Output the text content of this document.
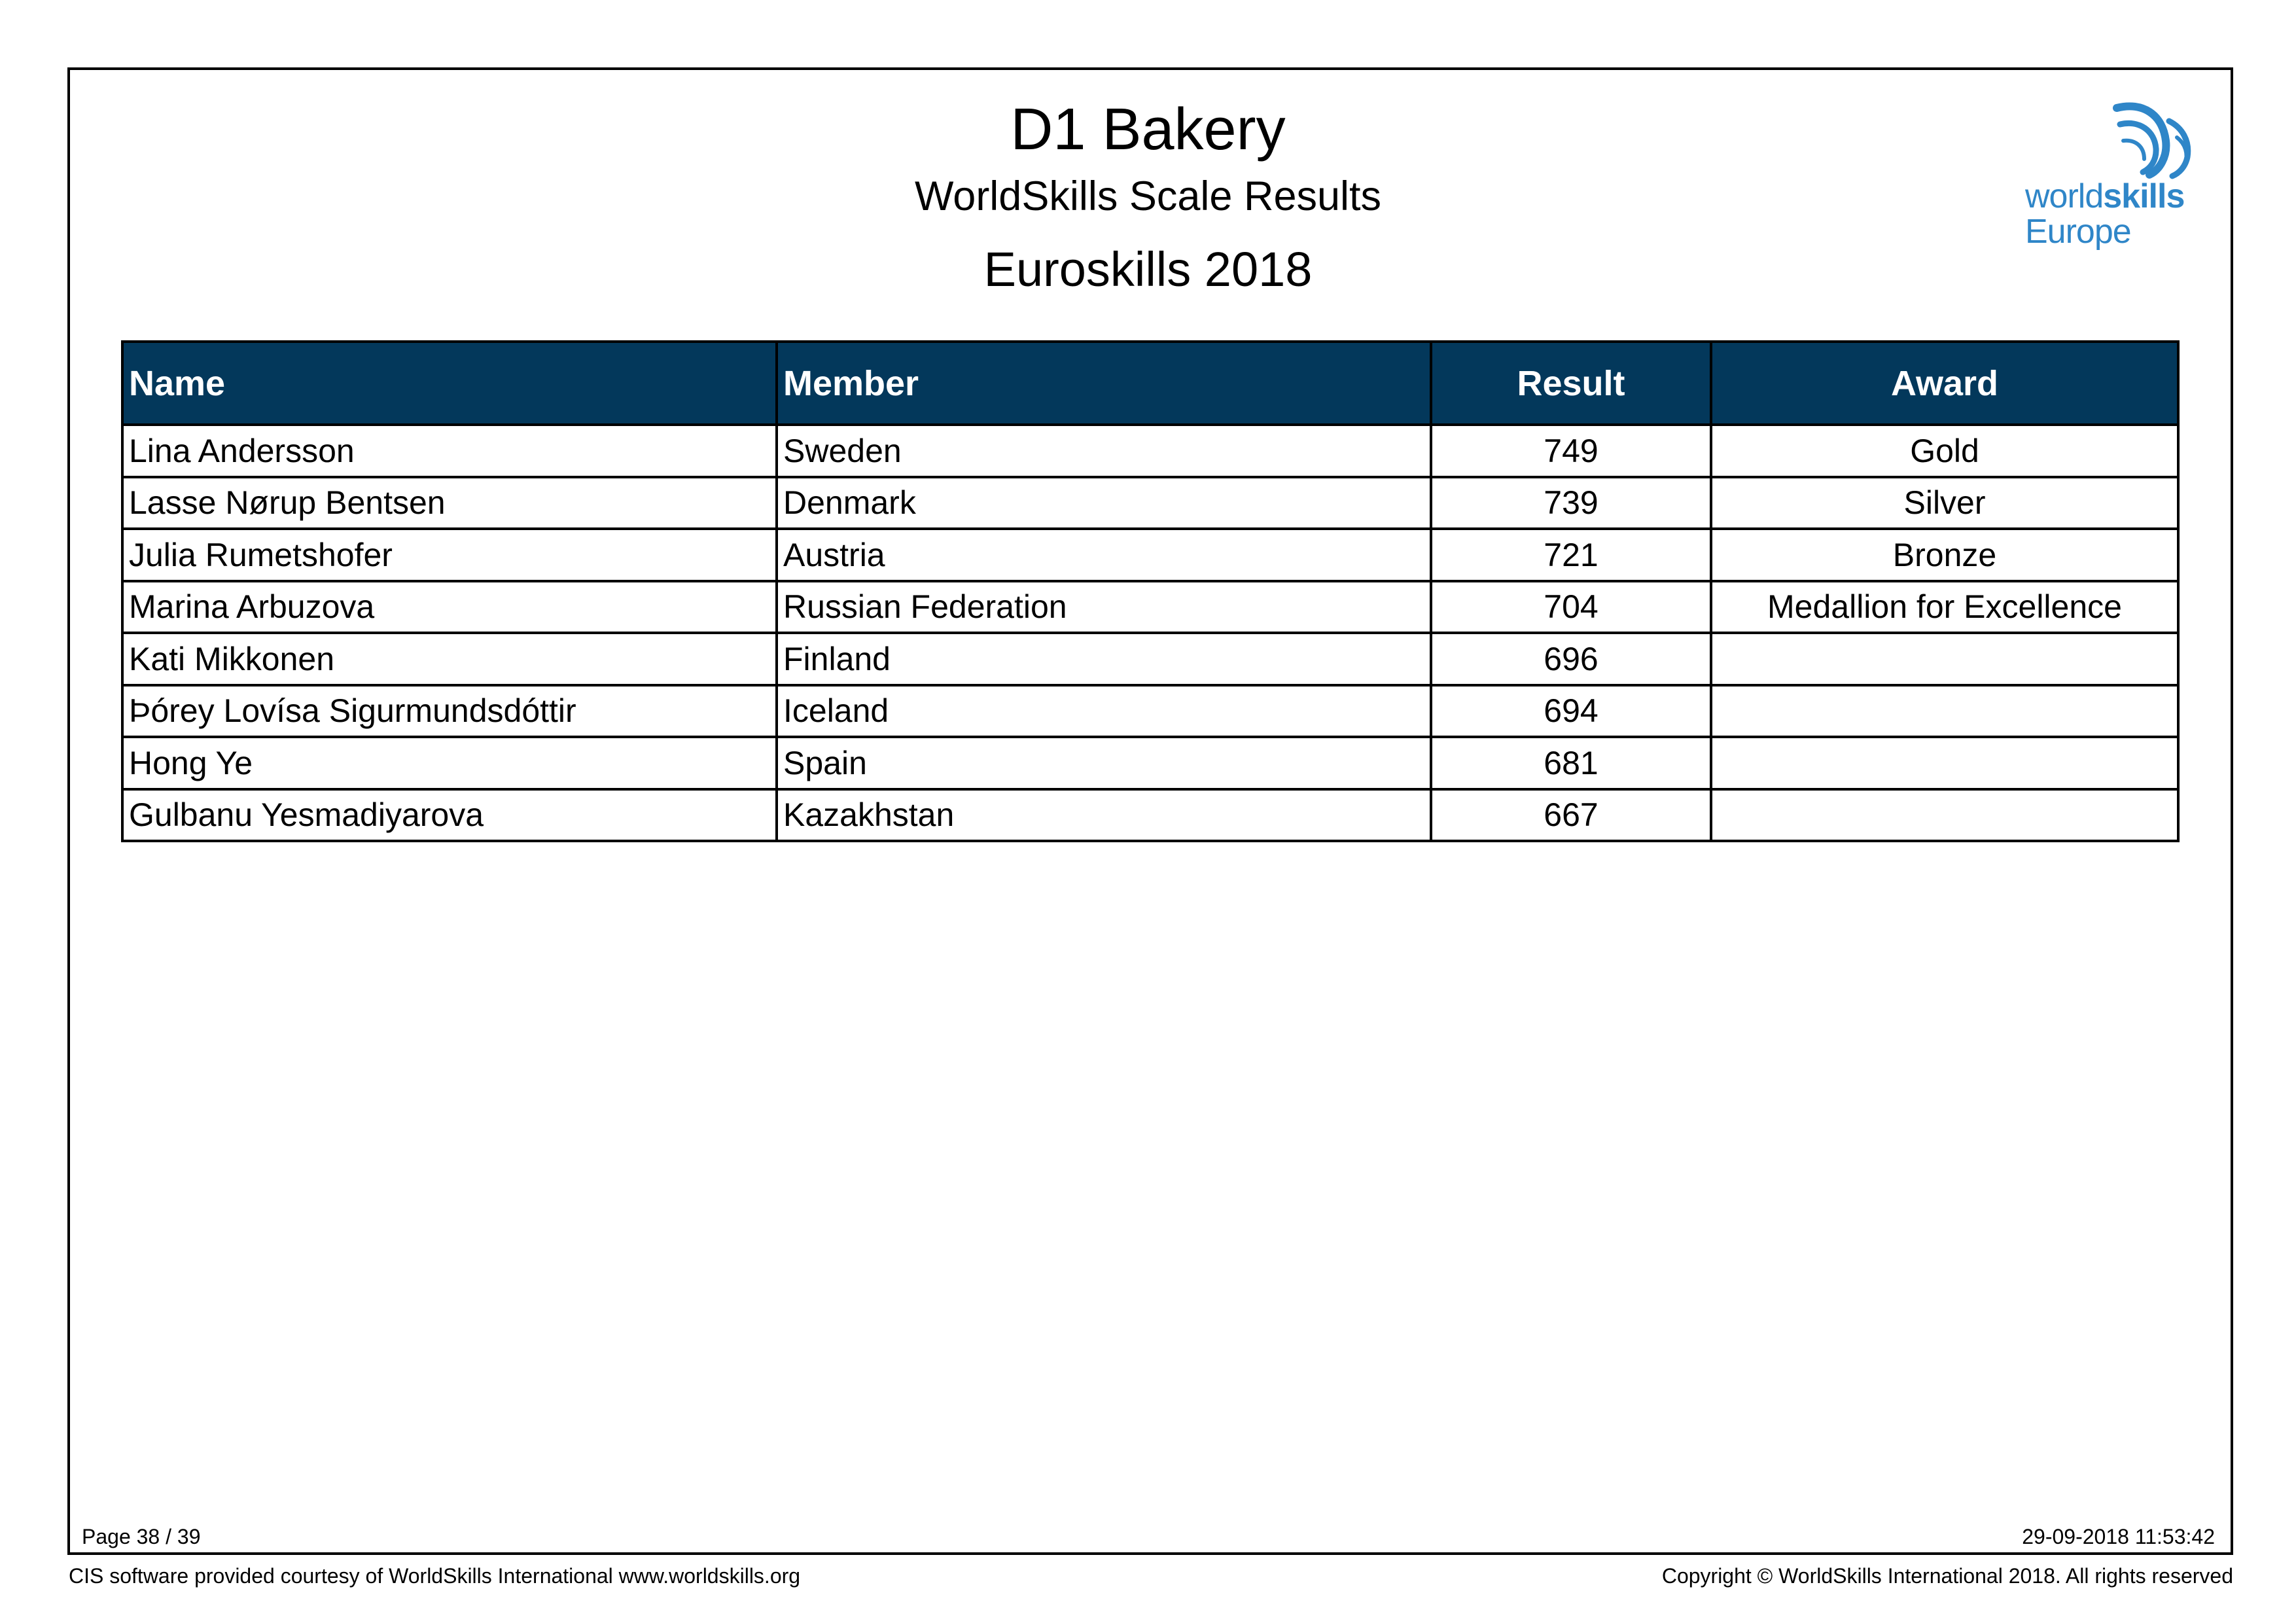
D1 Bakery
WorldSkills Scale Results
Euroskills 2018
worldskills
Europe
Name	Member	Result	Award
Lina Andersson	Sweden	749	Gold
Lasse Nørup Bentsen	Denmark	739	Silver
Julia Rumetshofer	Austria	721	Bronze
Marina Arbuzova	Russian Federation	704	Medallion for Excellence
Kati Mikkonen	Finland	696	
Þórey Lovísa Sigurmundsdóttir	Iceland	694	
Hong Ye	Spain	681	
Gulbanu Yesmadiyarova	Kazakhstan	667	
Page 38 / 39	29-09-2018 11:53:42
CIS software provided courtesy of WorldSkills International www.worldskills.org	Copyright © WorldSkills International 2018. All rights reserved
